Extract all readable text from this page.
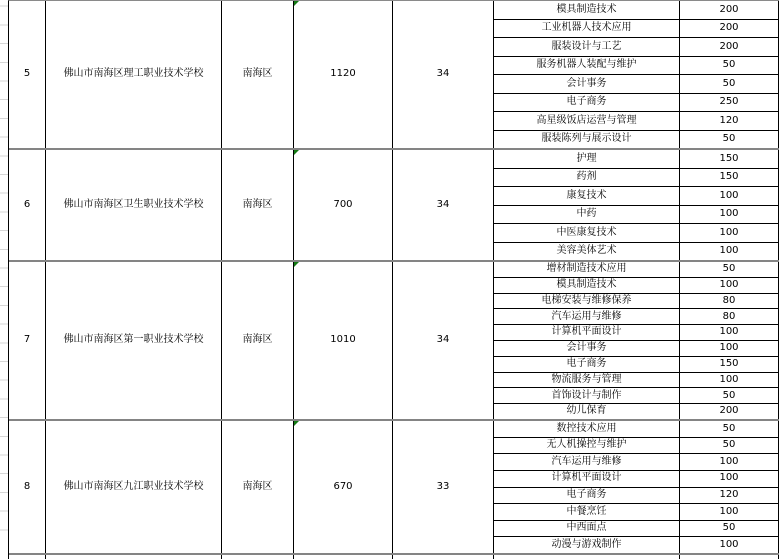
5	佛山市南海区理工职业技术学校	南海区	1120	34
模具制造技术	200
工业机器人技术应用	200
服装设计与工艺	200
服务机器人装配与维护	50
会计事务	50
电子商务	250
高星级饭店运营与管理	120
服装陈列与展示设计	50
6	佛山市南海区卫生职业技术学校	南海区	700	34
护理	150
药剂	150
康复技术	100
中药	100
中医康复技术	100
美容美体艺术	100
7	佛山市南海区第一职业技术学校	南海区	1010	34
增材制造技术应用	50
模具制造技术	100
电梯安装与维修保养	80
汽车运用与维修	80
计算机平面设计	100
会计事务	100
电子商务	150
物流服务与管理	100
首饰设计与制作	50
幼儿保育	200
8	佛山市南海区九江职业技术学校	南海区	670	33
数控技术应用	50
无人机操控与维护	50
汽车运用与维修	100
计算机平面设计	100
电子商务	120
中餐烹饪	100
中西面点	50
动漫与游戏制作	100
